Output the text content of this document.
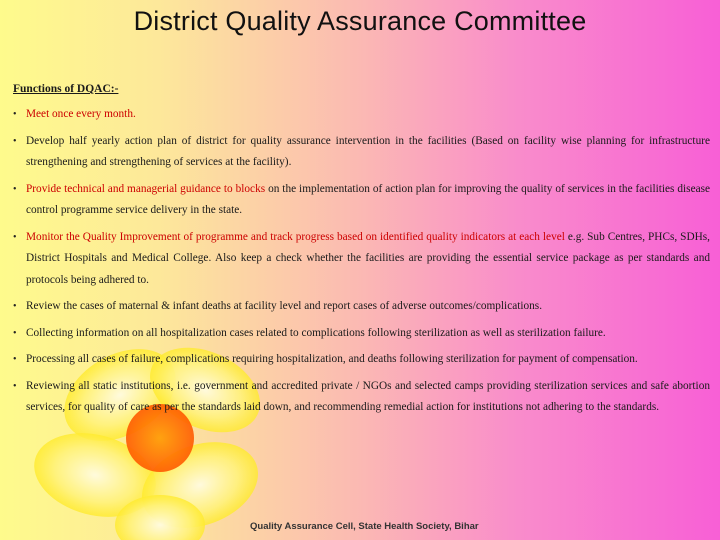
District Quality Assurance Committee

Functions of DQAC:-

• Meet once every month.
• Develop half yearly action plan of district for quality assurance intervention in the facilities (Based on facility wise planning for infrastructure strengthening and strengthening of services at the facility).
• Provide technical and managerial guidance to blocks on the implementation of action plan for improving the quality of services in the facilities disease control programme service delivery in the state.
• Monitor the Quality Improvement of programme and track progress based on identified quality indicators at each level e.g. Sub Centres, PHCs, SDHs, District Hospitals and Medical College. Also keep a check whether the facilities are providing the essential service package as per standards and protocols being adhered to.
• Review the cases of maternal & infant deaths at facility level and report cases of adverse outcomes/complications.
• Collecting information on all hospitalization cases related to complications following sterilization as well as sterilization failure.
• Processing all cases of failure, complications requiring hospitalization, and deaths following sterilization for payment of compensation.
• Reviewing all static institutions, i.e. government and accredited private / NGOs and selected camps providing sterilization services and safe abortion services, for quality of care as per the standards laid down, and recommending remedial action for institutions not adhering to the standards.

Quality Assurance Cell, State Health Society, Bihar
